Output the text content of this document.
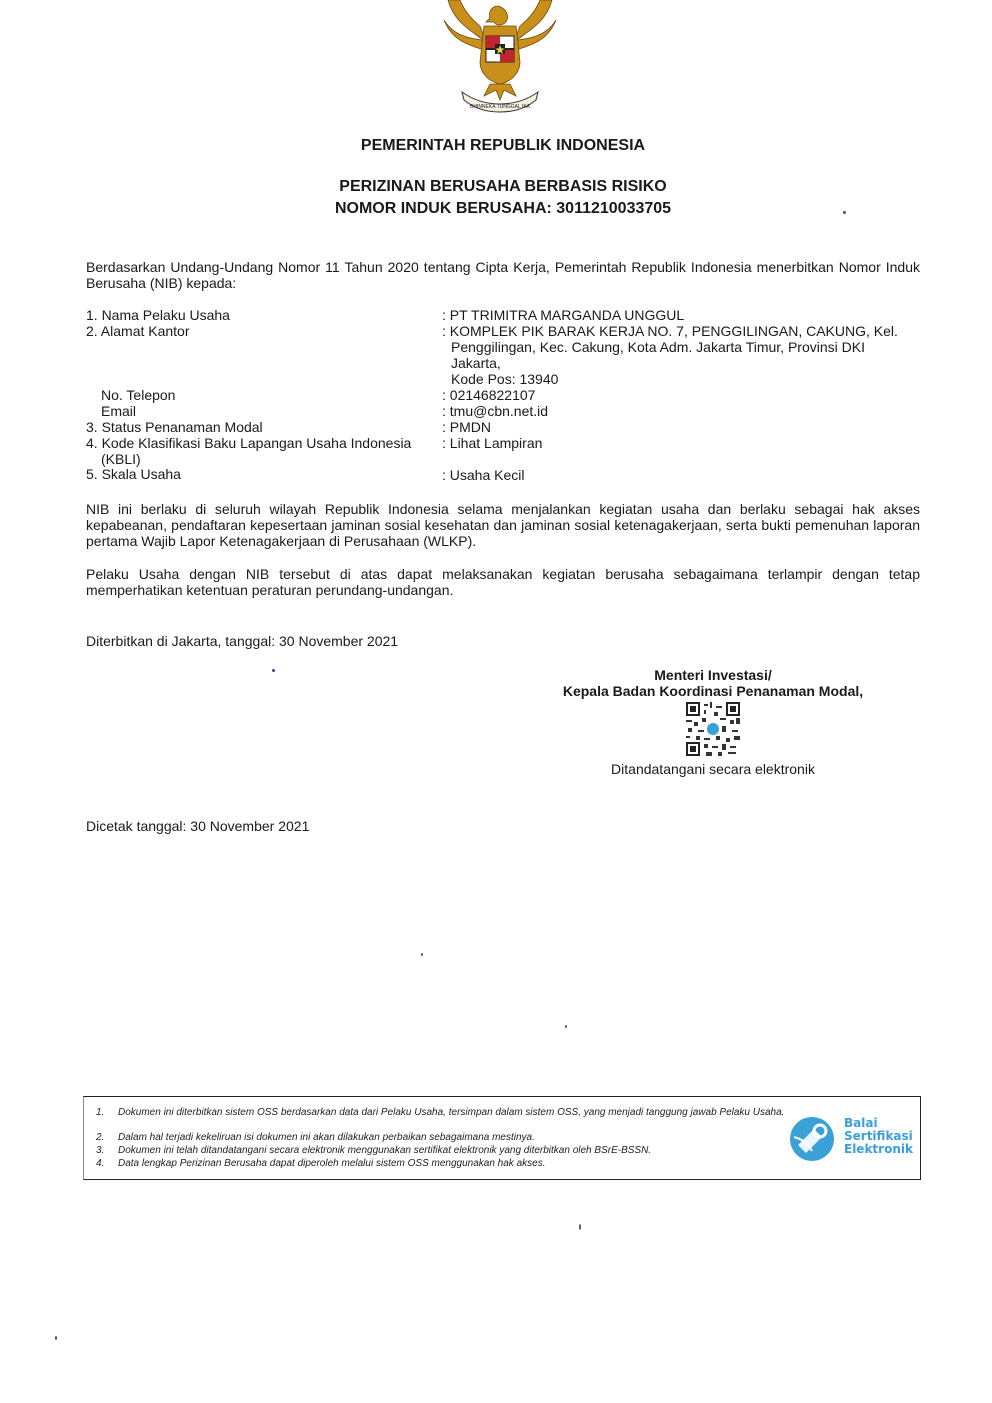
BHINNEKA TUNGGAL IKA
PEMERINTAH REPUBLIK INDONESIA
PERIZINAN BERUSAHA BERBASIS RISIKO
NOMOR INDUK BERUSAHA: 3011210033705
Berdasarkan Undang-Undang Nomor 11 Tahun 2020 tentang Cipta Kerja, Pemerintah Republik Indonesia menerbitkan Nomor Induk Berusaha (NIB) kepada:
1. Nama Pelaku Usaha	: PT TRIMITRA MARGANDA UNGGUL
2. Alamat Kantor	: KOMPLEK PIK BARAK KERJA NO. 7, PENGGILINGAN, CAKUNG, Kel.
Penggilingan, Kec. Cakung, Kota Adm. Jakarta Timur, Provinsi DKI
Jakarta,
Kode Pos: 13940
No. Telepon	: 02146822107
Email	: tmu@cbn.net.id
3. Status Penanaman Modal	: PMDN
4. Kode Klasifikasi Baku Lapangan Usaha Indonesia
(KBLI)
: Lihat Lampiran
5. Skala Usaha	: Usaha Kecil
NIB ini berlaku di seluruh wilayah Republik Indonesia selama menjalankan kegiatan usaha dan berlaku sebagai hak akses kepabeanan, pendaftaran kepesertaan jaminan sosial kesehatan dan jaminan sosial ketenagakerjaan, serta bukti pemenuhan laporan pertama Wajib Lapor Ketenagakerjaan di Perusahaan (WLKP).
Pelaku Usaha dengan NIB tersebut di atas dapat melaksanakan kegiatan berusaha sebagaimana terlampir dengan tetap memperhatikan ketentuan peraturan perundang-undangan.
Diterbitkan di Jakarta, tanggal: 30 November 2021
Menteri Investasi/
Kepala Badan Koordinasi Penanaman Modal,
Ditandatangani secara elektronik
Dicetak tanggal: 30 November 2021
1. Dokumen ini diterbitkan sistem OSS berdasarkan data dari Pelaku Usaha, tersimpan dalam sistem OSS, yang menjadi tanggung jawab Pelaku Usaha.
2. Dalam hal terjadi kekeliruan isi dokumen ini akan dilakukan perbaikan sebagaimana mestinya.
3. Dokumen ini telah ditandatangani secara elektronik menggunakan sertifikat elektronik yang diterbitkan oleh BSrE-BSSN.
4. Data lengkap Perizinan Berusaha dapat diperoleh melalui sistem OSS menggunakan hak akses.
Balai
Sertifikasi
Elektronik
